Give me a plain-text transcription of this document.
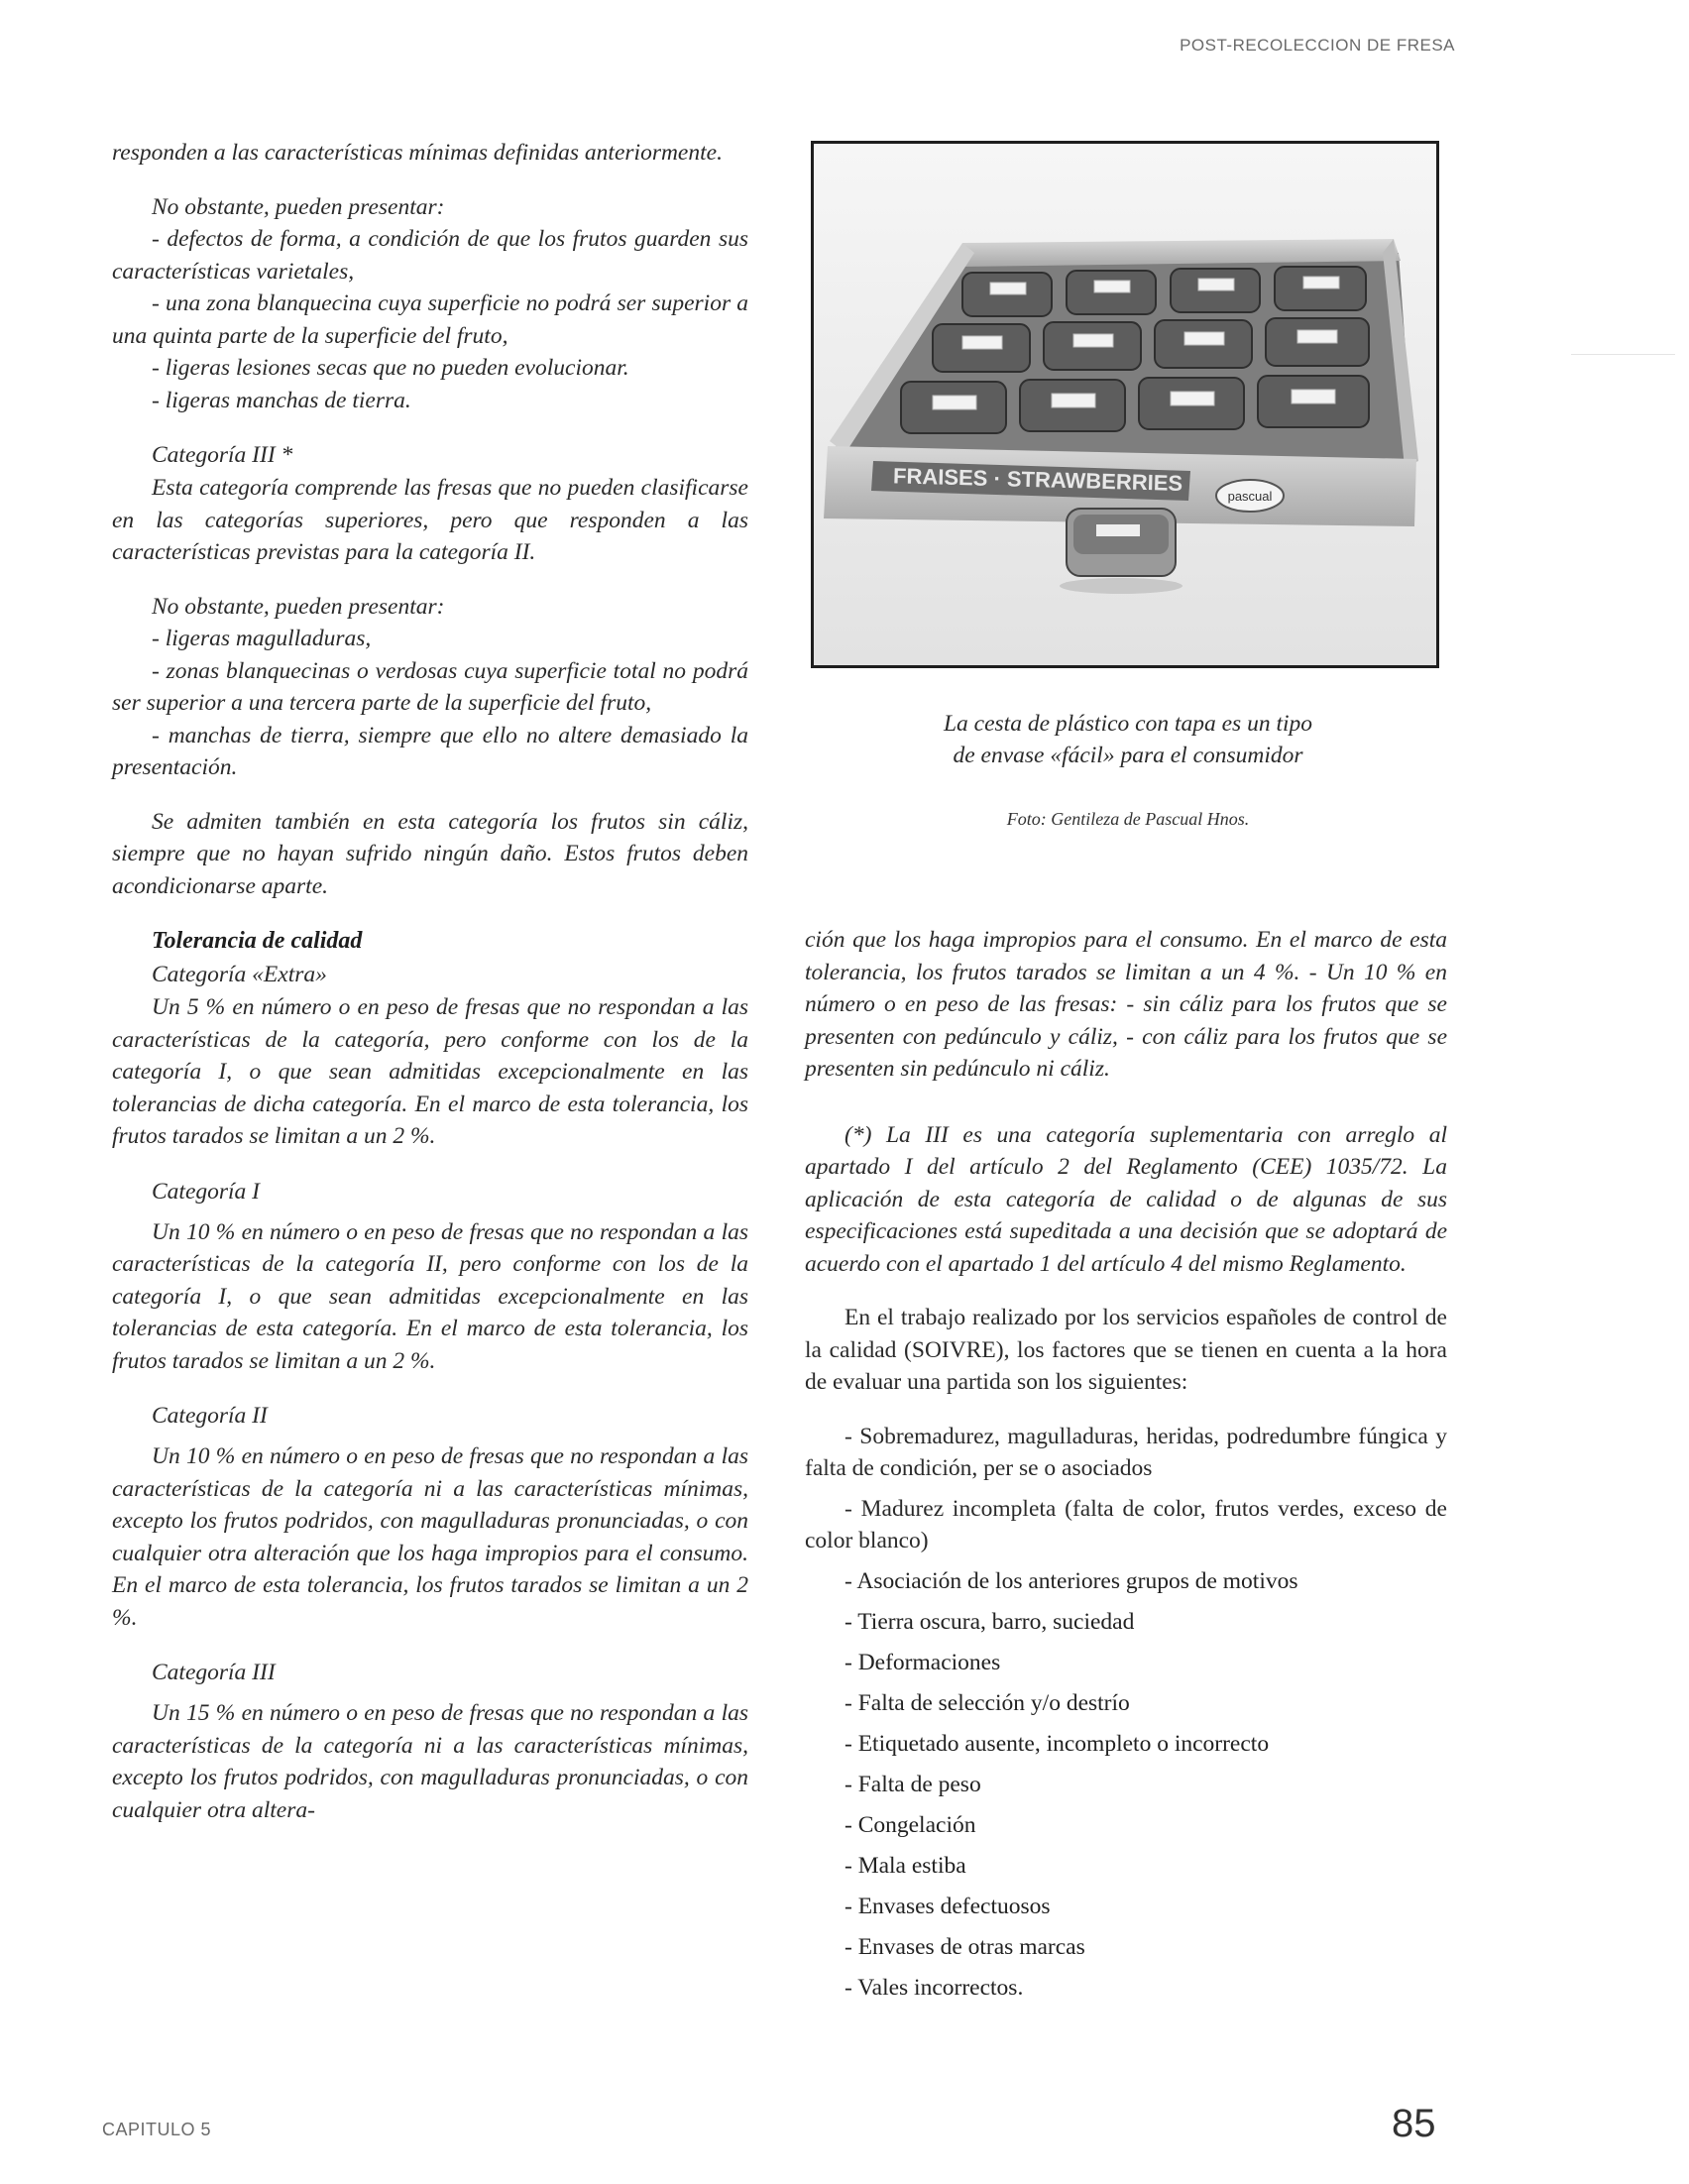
POST-RECOLECCION DE FRESA

responden a las características mínimas definidas anteriormente.

No obstante, pueden presentar:

- defectos de forma, a condición de que los frutos guarden sus características varietales,

- una zona blanquecina cuya superficie no podrá ser superior a una quinta parte de la superficie del fruto,

- ligeras lesiones secas que no pueden evolucionar.

- ligeras manchas de tierra.

Categoría III *

Esta categoría comprende las fresas que no pueden clasificarse en las categorías superiores, pero que responden a las características previstas para la categoría II.

No obstante, pueden presentar:

- ligeras magulladuras,

- zonas blanquecinas o verdosas cuya superficie total no podrá ser superior a una tercera parte de la superficie del fruto,

- manchas de tierra, siempre que ello no altere demasiado la presentación.

Se admiten también en esta categoría los frutos sin cáliz, siempre que no hayan sufrido ningún daño. Estos frutos deben acondicionarse aparte.

Tolerancia de calidad

Categoría «Extra»

Un 5 % en número o en peso de fresas que no respondan a las características de la categoría, pero conforme con los de la categoría I, o que sean admitidas excepcionalmente en las tolerancias de dicha categoría. En el marco de esta tolerancia, los frutos tarados se limitan a un 2 %.

Categoría I

Un 10 % en número o en peso de fresas que no respondan a las características de la categoría II, pero conforme con los de la categoría I, o que sean admitidas excepcionalmente en las tolerancias de esta categoría. En el marco de esta tolerancia, los frutos tarados se limitan a un 2 %.

Categoría II

Un 10 % en número o en peso de fresas que no respondan a las características de la categoría ni a las características mínimas, excepto los frutos podridos, con magulladuras pronunciadas, o con cualquier otra alteración que los haga impropios para el consumo. En el marco de esta tolerancia, los frutos tarados se limitan a un 2 %.

Categoría III

Un 15 % en número o en peso de fresas que no respondan a las características de la categoría ni a las características mínimas, excepto los frutos podridos, con magulladuras pronunciadas, o con cualquier otra altera-

FRAISES · STRAWBERRIES
pascual

La cesta de plástico con tapa es un tipo
de envase «fácil» para el consumidor

Foto: Gentileza de Pascual Hnos.

ción que los haga impropios para el consumo. En el marco de esta tolerancia, los frutos tarados se limitan a un 4 %. - Un 10 % en número o en peso de las fresas: - sin cáliz para los frutos que se presenten con pedúnculo y cáliz, - con cáliz para los frutos que se presenten sin pedúnculo ni cáliz.

(*) La III es una categoría suplementaria con arreglo al apartado I del artículo 2 del Reglamento (CEE) 1035/72. La aplicación de esta categoría de calidad o de algunas de sus especificaciones está supeditada a una decisión que se adoptará de acuerdo con el apartado 1 del artículo 4 del mismo Reglamento.

En el trabajo realizado por los servicios españoles de control de la calidad (SOIVRE), los factores que se tienen en cuenta a la hora de evaluar una partida son los siguientes:

- Sobremadurez, magulladuras, heridas, podredumbre fúngica y falta de condición, per se o asociados

- Madurez incompleta (falta de color, frutos verdes, exceso de color blanco)

- Asociación de los anteriores grupos de motivos
- Tierra oscura, barro, suciedad
- Deformaciones
- Falta de selección y/o destrío
- Etiquetado ausente, incompleto o incorrecto
- Falta de peso
- Congelación
- Mala estiba
- Envases defectuosos
- Envases de otras marcas
- Vales incorrectos.
CAPITULO 5	85
